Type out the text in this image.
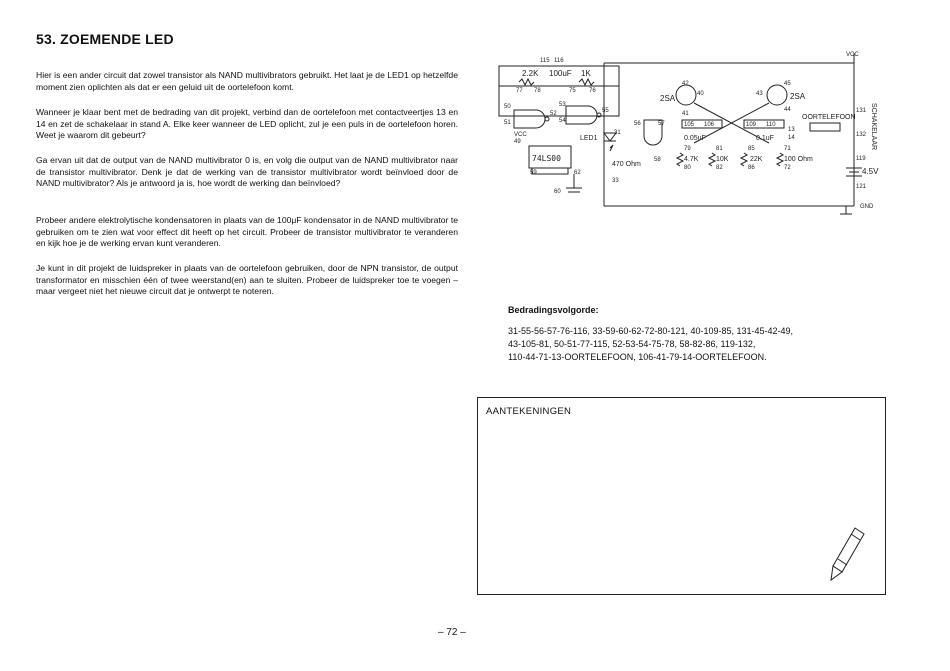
53. ZOEMENDE LED

Hier is een ander circuit dat zowel transistor als NAND multivibrators gebruikt. Het laat je de LED1 op hetzelfde moment zien oplichten als dat er een geluid uit de oortelefoon komt.

Wanneer je klaar bent met de bedrading van dit projekt, verbind dan de oortelefoon met contactveertjes 13 en 14 en zet de schakelaar in stand A. Elke keer wanneer de LED oplicht, zul je een puls in de oortelefoon horen. Weet je waarom dit gebeurt?

Ga ervan uit dat de output van de NAND multivibrator 0 is, en volg die output van de NAND multivibrator naar de transistor multivibrator. Denk je dat de werking van de transistor multivibrator wordt beïnvloed door de NAND multivibrator? Als je antwoord ja is, hoe wordt de werking dan beïnvloed?

Probeer andere elektrolytische kondensatoren in plaats van de 100μF kondensator in de NAND multivibrator te gebruiken om te zien wat voor effect dit heeft op het circuit. Probeer de transistor multivibrator te veranderen en kijk hoe je de werking ervan kunt veranderen.

Je kunt in dit projekt de luidspreker in plaats van de oortelefoon gebruiken, door de NPN transistor, de output transformator en misschien één of twee weerstand(en) aan te sluiten. Probeer de luidspreker toe te voegen – maar vergeet niet het nieuwe circuit dat je ontwerpt te noteren.

2.2K 100uF 1K
115 116
77 78	75 76
50
51
52
53
54
55
74LS00
VCC
49
62
LED1
31
470 Ohm
33
56	57
58
2SA	2SA
42
40	43
45
44
41
105 106
0.05uF
109 110
0.1uF
79
80
81
82
85
86
71
72
4.7K	10K	22K	100 Ohm
VCC
GND
OORTELEFOON
13
14	SCHAKELAAR
131
132
119
4.5V
121
60
59
Bedradingsvolgorde:
31-55-56-57-76-116, 33-59-60-62-72-80-121, 40-109-85, 131-45-42-49,
43-105-81, 50-51-77-115, 52-53-54-75-78, 58-82-86, 119-132,
110-44-71-13-OORTELEFOON, 106-41-79-14-OORTELEFOON.
AANTEKENINGEN
– 72 –
